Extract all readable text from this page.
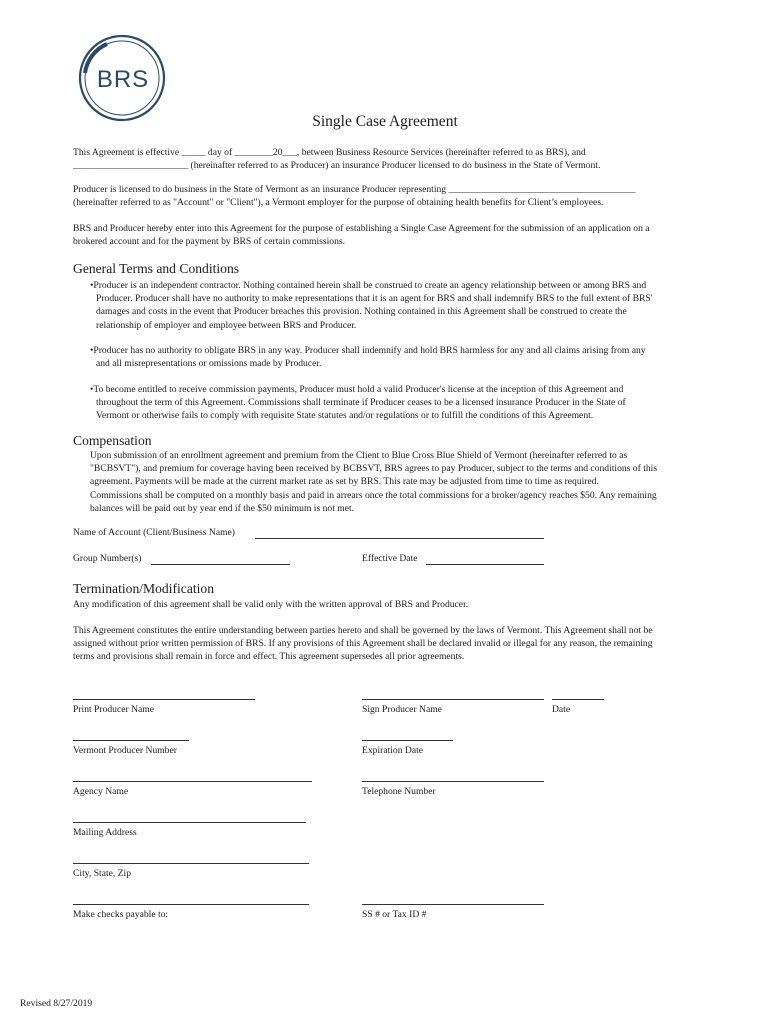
BRS
Single Case Agreement
This Agreement is effective _____ day of ________20___, between Business Resource Services (hereinafter referred to as BRS), and
________________________ (hereinafter referred to as Producer) an insurance Producer licensed to do business in the State of Vermont.
Producer is licensed to do business in the State of Vermont as an insurance Producer representing _______________________________________
(hereinafter referred to as "Account" or "Client"), a Vermont employer for the purpose of obtaining health benefits for Client’s employees.
BRS and Producer hereby enter into this Agreement for the purpose of establishing a Single Case Agreement for the submission of an application on a
brokered account and for the payment by BRS of certain commissions.
General Terms and Conditions
•Producer is an independent contractor. Nothing contained herein shall be construed to create an agency relationship between or among BRS and
Producer. Producer shall have no authority to make representations that it is an agent for BRS and shall indemnify BRS to the full extent of BRS'
damages and costs in the event that Producer breaches this provision. Nothing contained in this Agreement shall be construed to create the
relationship of employer and employee between BRS and Producer.
•Producer has no authority to obligate BRS in any way. Producer shall indemnify and hold BRS harmless for any and all claims arising from any
and all misrepresentations or omissions made by Producer.
•To become entitled to receive commission payments, Producer must hold a valid Producer's license at the inception of this Agreement and
throughout the term of this Agreement. Commissions shall terminate if Producer ceases to be a licensed insurance Producer in the State of
Vermont or otherwise fails to comply with requisite State statutes and/or regulations or to fulfill the conditions of this Agreement.
Compensation
Upon submission of an enrollment agreement and premium from the Client to Blue Cross Blue Shield of Vermont (hereinafter referred to as
"BCBSVT"), and premium for coverage having been received by BCBSVT, BRS agrees to pay Producer, subject to the terms and conditions of this
agreement. Payments will be made at the current market rate as set by BRS. This rate may be adjusted from time to time as required.
Commissions shall be computed on a monthly basis and paid in arrears once the total commissions for a broker/agency reaches $50. Any remaining
balances will be paid out by year end if the $50 minimum is not met.
Name of Account (Client/Business Name)
Group Number(s)	Effective Date
Termination/Modification
Any modification of this agreement shall be valid only with the written approval of BRS and Producer.
This Agreement constitutes the entire understanding between parties hereto and shall be governed by the laws of Vermont. This Agreement shall not be
assigned without prior written permission of BRS. If any provisions of this Agreement shall be declared invalid or illegal for any reason, the remaining
terms and provisions shall remain in force and effect. This agreement supersedes all prior agreements.
Print Producer Name	Sign Producer Name	Date
Vermont Producer Number	Expiration Date
Agency Name	Telephone Number
Mailing Address
City, State, Zip
Make checks payable to:	SS # or Tax ID #
Revised 8/27/2019
